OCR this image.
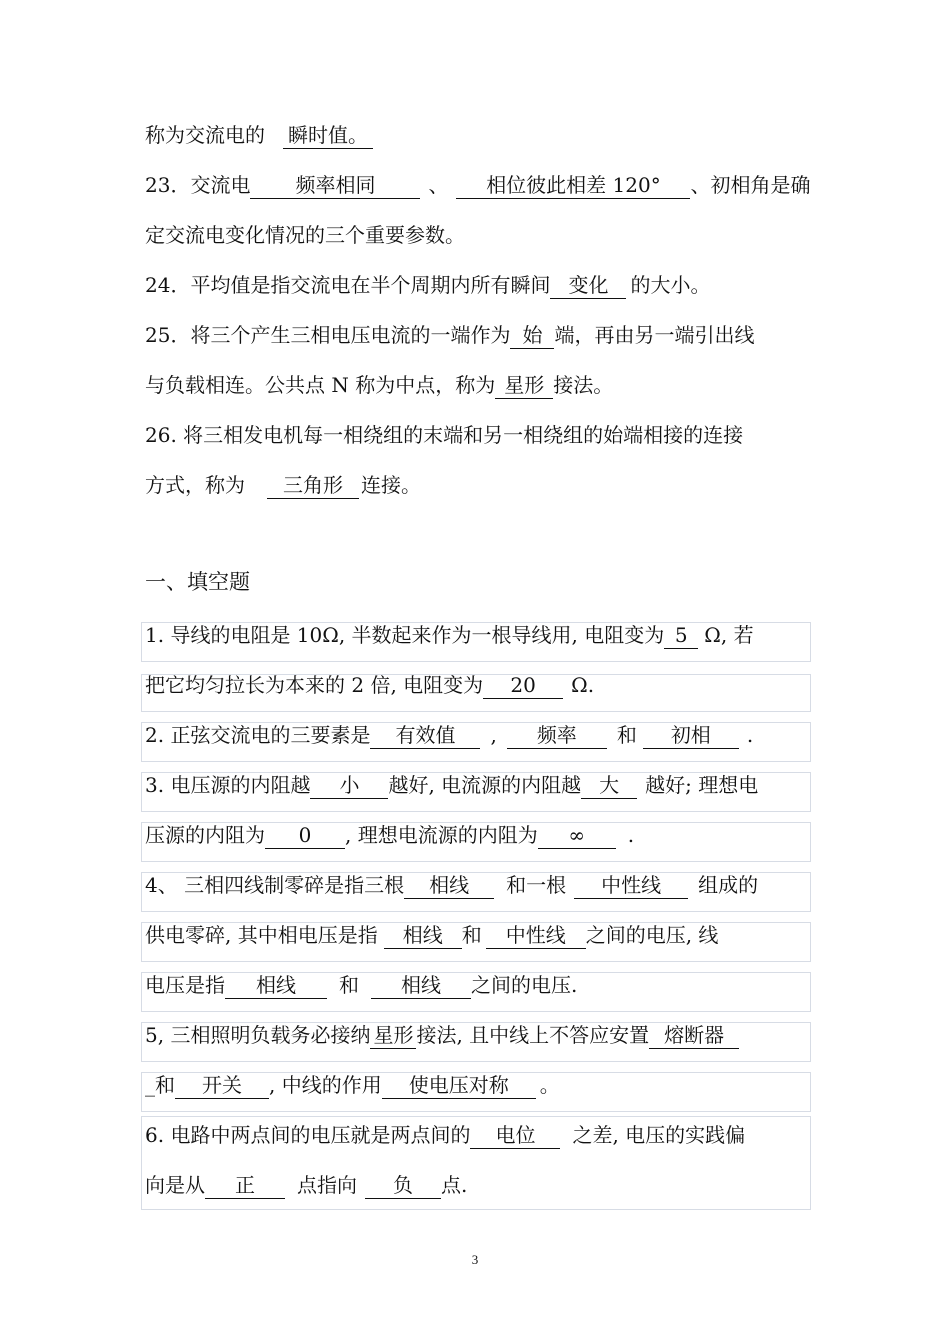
称为交流电的 瞬时值。
23．交流电 频率相同	、 相位彼此相差 120° 、初相角是确
定交流电变化情况的三个重要参数。
24．平均值是指交流电在半个周期内所有瞬间 变化 的大小。
25．将三个产生三相电压电流的一端作为 始 端，再由另一端引出线
与负载相连。公共点 N 称为中点，称为 星形 接法。
26. 将三相发电机每一相绕组的末端和另一相绕组的始端相接的连接
方式，称为 三角形 连接。
一、填空题
1. 导线的电阻是 10Ω, 半数起来作为一根导线用, 电阻变为 5 Ω, 若
把它均匀拉长为本来的 2 倍, 电阻变为 20 Ω.
2. 正弦交流电的三要素是 有效值 , 频率 和 初相 .
3. 电压源的内阻越 小 越好, 电流源的内阻越 大 越好; 理想电
压源的内阻为 0 , 理想电流源的内阻为 ∞ .
4、 三相四线制零碎是指三根 相线 和一根 中性线 组成的
供电零碎, 其中相电压是指 相线 和 中性线 之间的电压, 线
电压是指 相线 和 相线 之间的电压.
5, 三相照明负载务必接纳 星形 接法, 且中线上不答应安置 熔断器
_和 开关 , 中线的作用 使电压对称 。
6. 电路中两点间的电压就是两点间的 电位 之差, 电压的实践偏
向是从 正 点指向 负 点.
3
